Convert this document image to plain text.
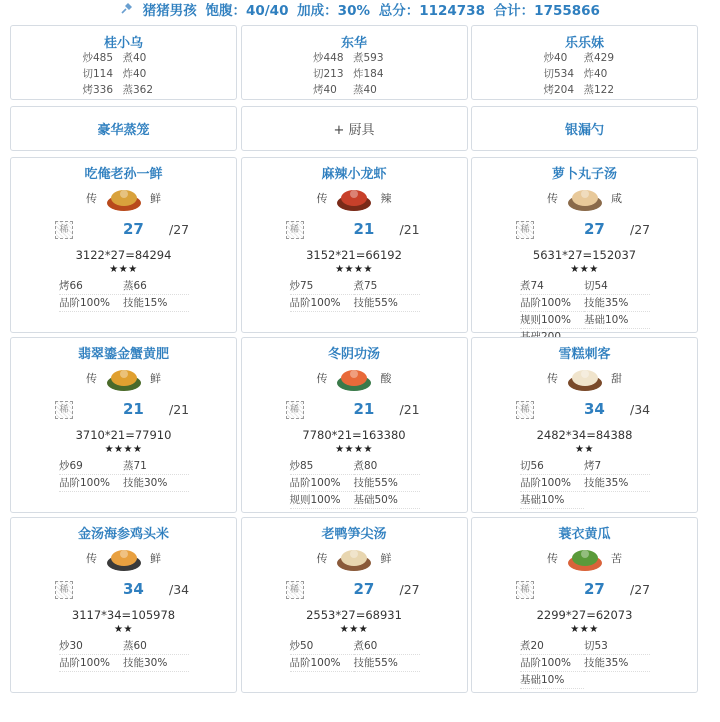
猪猪男孩 饱腹：40/40 加成：30% 总分：1124738 合计：1755866
桂小乌
炒485 煮40
切114 炸40
烤336 蒸362
东华
炒448 煮593
切213 炸184
烤40	蒸40
乐乐妹
炒40	煮429
切534 炸40
烤204 蒸122
豪华蒸笼	+ 厨具	银漏勺
吃俺老孙一鲜
传	鲜
稀	27 /27
3122*27=84294
★★★
烤66	蒸66
品阶100%	技能15%
麻辣小龙虾
传	辣
稀	21 /21
3152*21=66192
★★★★
炒75	煮75
品阶100%	技能55%
萝卜丸子汤
传	咸
稀	27 /27
5631*27=152037
★★★
煮74	切54
品阶100%	技能35%
规则100%	基础10%
翡翠鎏金蟹黄肥
传	鲜
稀	21 /21
3710*21=77910
★★★★
炒69	蒸71
品阶100%	技能30%
冬阴功汤
传	酸
稀	21 /21
7780*21=163380
★★★★
炒85	煮80
品阶100%	技能55%
规则100%	基础50%
雪糕刺客
传	甜
稀	34 /34
2482*34=84388
★★
切56	烤7
品阶100%	技能35%
基础10%
金汤海参鸡头米
传	鲜
稀	34 /34
3117*34=105978
★★
炒30	蒸60
品阶100%	技能30%
老鸭笋尖汤
传	鲜
稀	27 /27
2553*27=68931
★★★
炒50	煮60
品阶100%	技能55%
蓑衣黄瓜
传	苦
稀	27 /27
2299*27=62073
★★★
煮20	切53
品阶100%	技能35%
基础10%
